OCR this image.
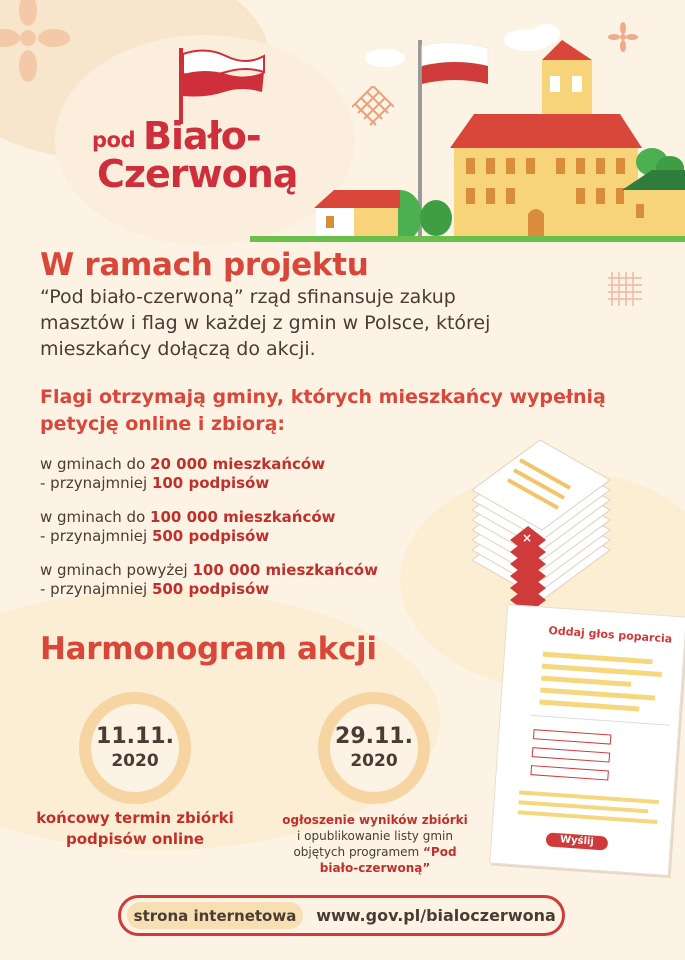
pod Biało-
Czerwoną
W ramach projektu
“Pod biało-czerwoną” rząd sfinansuje zakup
masztów i flag w każdej z gmin w Polsce, której
mieszkańcy dołączą do akcji.
Flagi otrzymają gminy, których mieszkańcy wypełnią
petycję online i zbiorą:
w gminach do 20 000 mieszkańców
- przynajmniej 100 podpisów
w gminach do 100 000 mieszkańców
- przynajmniej 500 podpisów
w gminach powyżej 100 000 mieszkańców
- przynajmniej 500 podpisów
×
Oddaj głos poparcia
Wyślij
Harmonogram akcji
11.11.
2020
końcowy termin zbiórki
podpisów online
29.11.
2020
ogłoszenie wyników zbiórki
i opublikowanie listy gmin
objętych programem “Pod
biało-czerwoną”
strona internetowa	www.gov.pl/bialoczerwona
